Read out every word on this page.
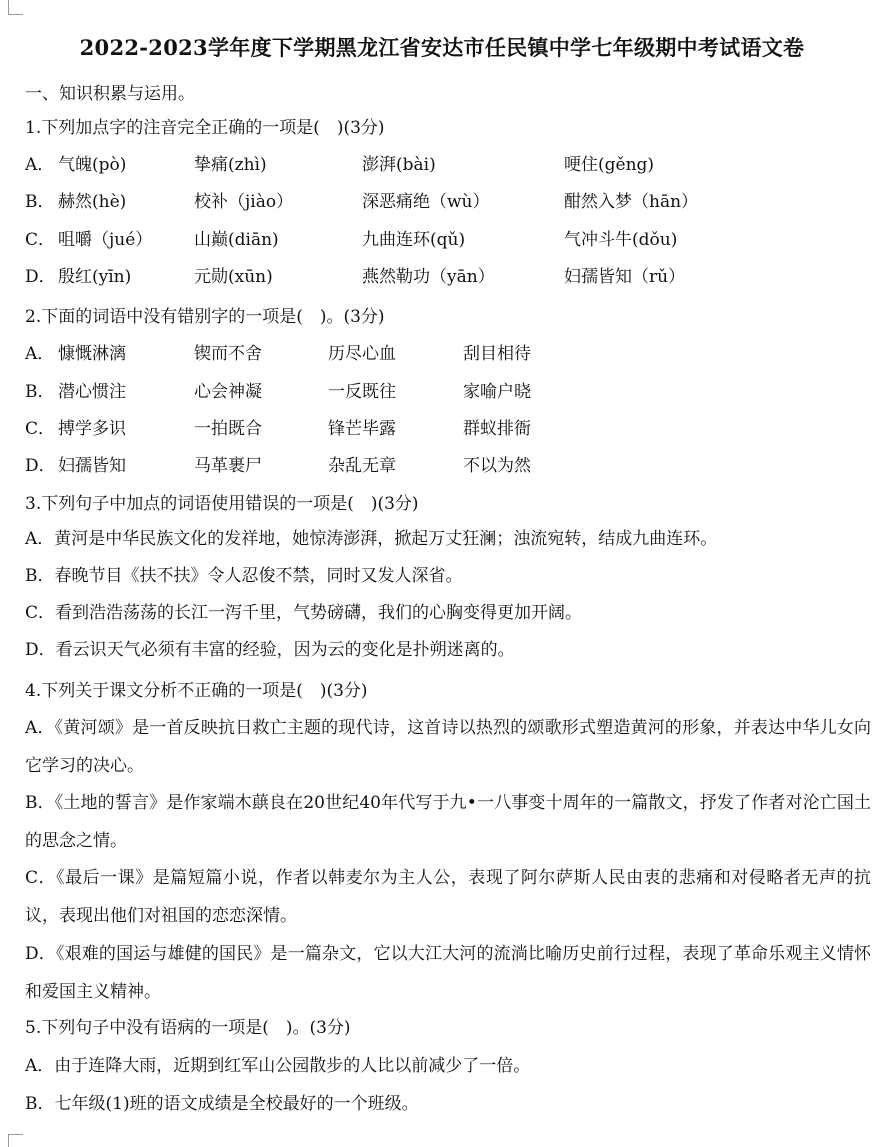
2022-2023学年度下学期黑龙江省安达市任民镇中学七年级期中考试语文卷
一、知识积累与运用。
1.下列加点字的注音完全正确的一项是(　)(3分)
A． 气魄(pò)	挚痛(zhì)	澎湃(bài)	哽住(gěng)
B． 赫然(hè)	校补（jiào）	深恶痛绝（wù）	酣然入梦（hān）
C． 咀嚼（jué） 山巅(diān)	九曲连环(qǔ)	气冲斗牛(dǒu)
D． 殷红(yīn)	元勋(xūn)	燕然勒功（yān）	妇孺皆知（rǔ）
2.下面的词语中没有错别字的一项是(　)。(3分)
A． 慷慨淋漓	锲而不舍	历尽心血	刮目相待
B． 潜心惯注	心会神凝	一反既往	家喻户晓
C． 搏学多识	一拍既合	锋芒毕露	群蚁排衙
D． 妇孺皆知	马革裹尸	杂乱无章	不以为然
3.下列句子中加点的词语使用错误的一项是(　)(3分)
A．黄河是中华民族文化的发祥地，她惊涛澎湃，掀起万丈狂澜；浊流宛转，结成九曲连环。
B．春晚节目《扶不扶》令人忍俊不禁，同时又发人深省。
C．看到浩浩荡荡的长江一泻千里，气势磅礴，我们的心胸变得更加开阔。
D．看云识天气必须有丰富的经验，因为云的变化是扑朔迷离的。
4.下列关于课文分析不正确的一项是(　)(3分)
A．《黄河颂》是一首反映抗日救亡主题的现代诗，这首诗以热烈的颂歌形式塑造黄河的形象，并表达中华儿女向它学习的决心。
B．《土地的誓言》是作家端木蕻良在20世纪40年代写于九•一八事变十周年的一篇散文，抒发了作者对沦亡国土的思念之情。
C．《最后一课》是篇短篇小说，作者以韩麦尔为主人公，表现了阿尔萨斯人民由衷的悲痛和对侵略者无声的抗议，表现出他们对祖国的恋恋深情。
D．《艰难的国运与雄健的国民》是一篇杂文，它以大江大河的流淌比喻历史前行过程，表现了革命乐观主义情怀和爱国主义精神。
5.下列句子中没有语病的一项是(　)。(3分)
A．由于连降大雨，近期到红军山公园散步的人比以前减少了一倍。
B．七年级(1)班的语文成绩是全校最好的一个班级。
